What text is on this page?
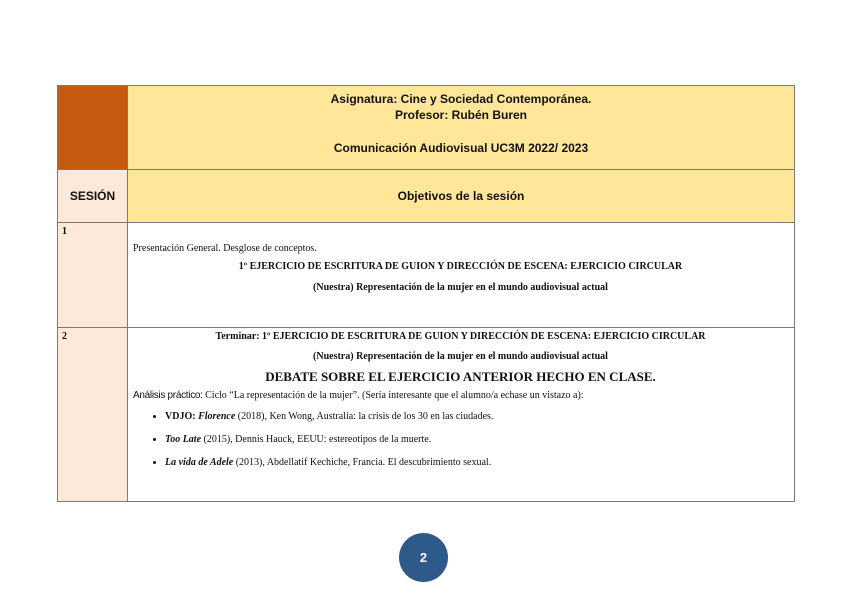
Asignatura: Cine y Sociedad Contemporánea.
Profesor: Rubén Buren
Comunicación Audiovisual UC3M 2022/ 2023
SESIÓN	Objetivos de la sesión
1
Presentación General. Desglose de conceptos.
1º EJERCICIO DE ESCRITURA DE GUION Y DIRECCIÓN DE ESCENA: EJERCICIO CIRCULAR
(Nuestra) Representación de la mujer en el mundo audiovisual actual
2	Terminar: 1º EJERCICIO DE ESCRITURA DE GUION Y DIRECCIÓN DE ESCENA: EJERCICIO CIRCULAR
(Nuestra) Representación de la mujer en el mundo audiovisual actual
DEBATE SOBRE EL EJERCICIO ANTERIOR HECHO EN CLASE.
Análisis práctico: Ciclo “La representación de la mujer”. (Sería interesante que el alumno/a echase un vistazo a):
• VDJO: Florence (2018), Ken Wong, Australia: la crisis de los 30 en las ciudades.
• Too Late (2015), Dennis Hauck, EEUU: estereotipos de la muerte.
• La vida de Adele (2013), Abdellatif Kechiche, Francia. El descubrimiento sexual.
2
